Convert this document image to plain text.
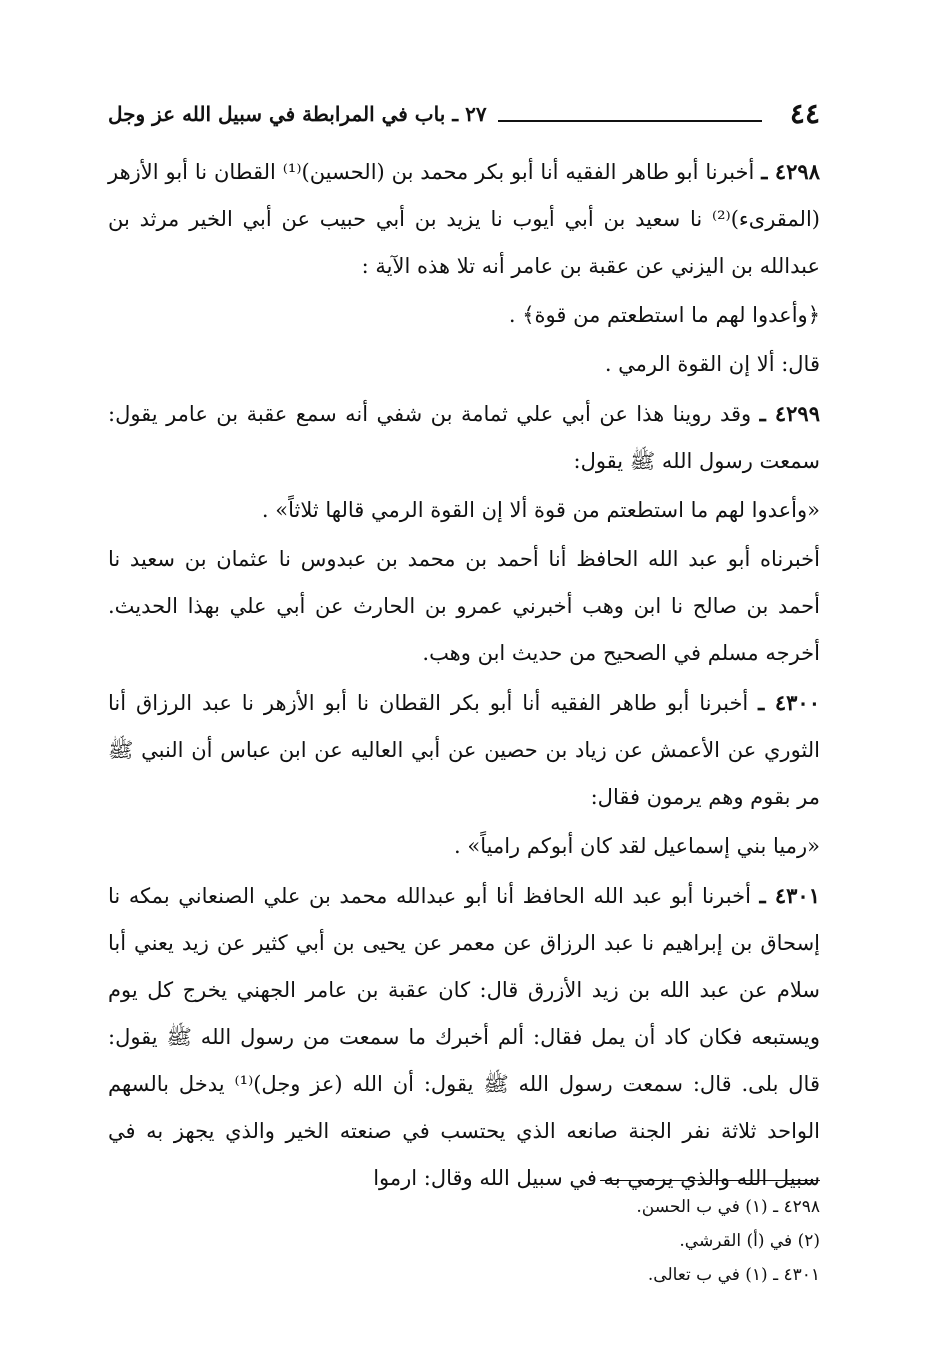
٤٤
٢٧ ـ باب في المرابطة في سبيل الله عز وجل

٤٢٩٨ ـ أخبرنا أبو طاهر الفقيه أنا أبو بكر محمد بن (الحسين)⁽¹⁾ القطان نا أبو الأزهر (المقرىء)⁽²⁾ نا سعيد بن أبي أيوب نا يزيد بن أبي حبيب عن أبي الخير مرثد بن عبدالله بن اليزني عن عقبة بن عامر أنه تلا هذه الآية :

﴿وأعدوا لهم ما استطعتم من قوة﴾ .

قال: ألا إن القوة الرمي .

٤٢٩٩ ـ وقد روينا هذا عن أبي علي ثمامة بن شفي أنه سمع عقبة بن عامر يقول: سمعت رسول الله ﷺ يقول:

«وأعدوا لهم ما استطعتم من قوة ألا إن القوة الرمي قالها ثلاثاً» .

أخبرناه أبو عبد الله الحافظ أنا أحمد بن محمد بن عبدوس نا عثمان بن سعيد نا أحمد بن صالح نا ابن وهب أخبرني عمرو بن الحارث عن أبي علي بهذا الحديث. أخرجه مسلم في الصحيح من حديث ابن وهب.

٤٣٠٠ ـ أخبرنا أبو طاهر الفقيه أنا أبو بكر القطان نا أبو الأزهر نا عبد الرزاق أنا الثوري عن الأعمش عن زياد بن حصين عن أبي العاليه عن ابن عباس أن النبي ﷺ مر بقوم وهم يرمون فقال:

«رميا بني إسماعيل لقد كان أبوكم رامياً» .

٤٣٠١ ـ أخبرنا أبو عبد الله الحافظ أنا أبو عبدالله محمد بن علي الصنعاني بمكه نا إسحاق بن إبراهيم نا عبد الرزاق عن معمر عن يحيى بن أبي كثير عن زيد يعني أبا سلام عن عبد الله بن زيد الأزرق قال: كان عقبة بن عامر الجهني يخرج كل يوم ويستبعه فكان كاد أن يمل فقال: ألم أخبرك ما سمعت من رسول الله ﷺ يقول: قال بلى. قال: سمعت رسول الله ﷺ يقول: أن الله (عز وجل)⁽¹⁾ يدخل بالسهم الواحد ثلاثة نفر الجنة صانعه الذي يحتسب في صنعته الخير والذي يجهز به في سبيل الله والذي يرمي به في سبيل الله وقال: ارموا

٤٢٩٨ ـ (١) في ب الحسن.

(٢) في (أ) القرشي.

٤٣٠١ ـ (١) في ب تعالى.
